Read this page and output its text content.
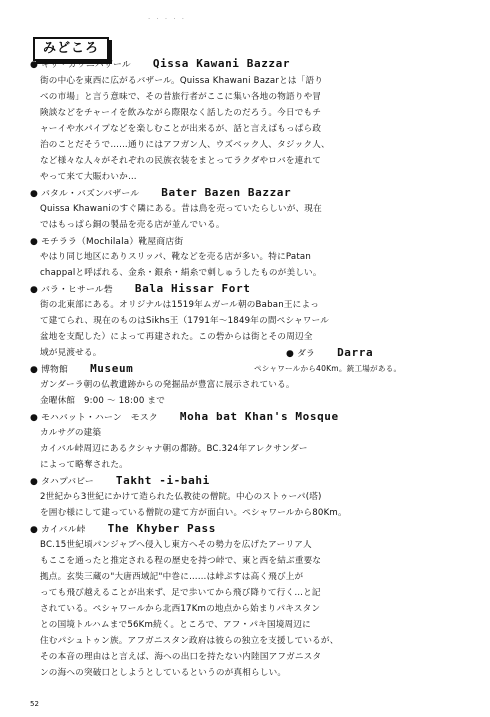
· · · · ·
みどころ
● キサ・カワニバザール Qissa Kawani Bazzar
街の中心を東西に広がるバザール。Quissa Khawani Bazarとは「語り
べの市場」と言う意味で、その昔旅行者がここに集い各地の物語りや冒
険談などをチャーイを飲みながら際限なく話したのだろう。今日でもチ
ャーイや水パイプなどを楽しむことが出来るが、話と言えばもっぱら政
治のことだそうで……通りにはアフガン人、ウズベック人、タジック人、
など様々な人々がそれぞれの民族衣装をまとってラクダやロバを連れて
やって来て大賑わいか…
● バタル・バズンバザール Bater Bazen Bazzar
Quissa Khawaniのすぐ隣にある。昔は鳥を売っていたらしいが、現在
ではもっぱら銅の製品を売る店が並んでいる。
● モチララ（Mochilala）靴屋商店街
やはり同じ地区にありスリッパ、靴などを売る店が多い。特にPatan
chappalと呼ばれる、金糸・銀糸・絹糸で刺しゅうしたものが美しい。
● バラ・ヒサール砦 Bala Hissar Fort
街の北東部にある。オリジナルは1519年ムガール朝のBaban王によっ
て建てられ、現在のものはSikhs王（1791年～1849年の間ペシャワール
盆地を支配した）によって再建された。この砦からは街とその周辺全
域が見渡せる。
● 博物館 Museum
ガンダーラ朝の仏教遺跡からの発掘品が豊富に展示されている。
金曜休館　9:00 ～ 18:00 まで
● モハバット・ハーン　モスク Moha bat Khan's Mosque
カルサグの建築
カイバル峠周辺にあるクシャナ朝の都跡。BC.324年アレクサンダー
によって略奪された。
● タハプバビー Takht -i-bahi
2世紀から3世紀にかけて造られた仏教徒の僧院。中心のストゥーパ(塔)
を囲む様にして建っている僧院の建て方が面白い。ペシャワールから80Km。
● カイバル峠 The Khyber Pass
BC.15世紀頃パンジャブへ侵入し東方へその勢力を広げたアーリア人
もここを通ったと推定される程の歴史を持つ峠で、東と西を結ぶ重要な
拠点。玄奘三蔵の"大唐西域記"中巻に……は峠ぷすは高く飛び上が
っても飛び越えることが出来ず、足で歩いてから飛び降りて行く…と記
されている。ペシャワールから北西17Kmの地点から始まりパキスタン
との国境トルハムまで56Km続く。ところで、アフ・パキ国境周辺に
住むパシュトゥン族。アフガニスタン政府は彼らの独立を支援しているが、
その本音の理由はと言えば、海への出口を持たない内陸国アフガニスタ
ンの海への突破口としようとしているというのが真相らしい。
● ダラ Darra
ペシャワールから40Km。銃工場がある。
52
